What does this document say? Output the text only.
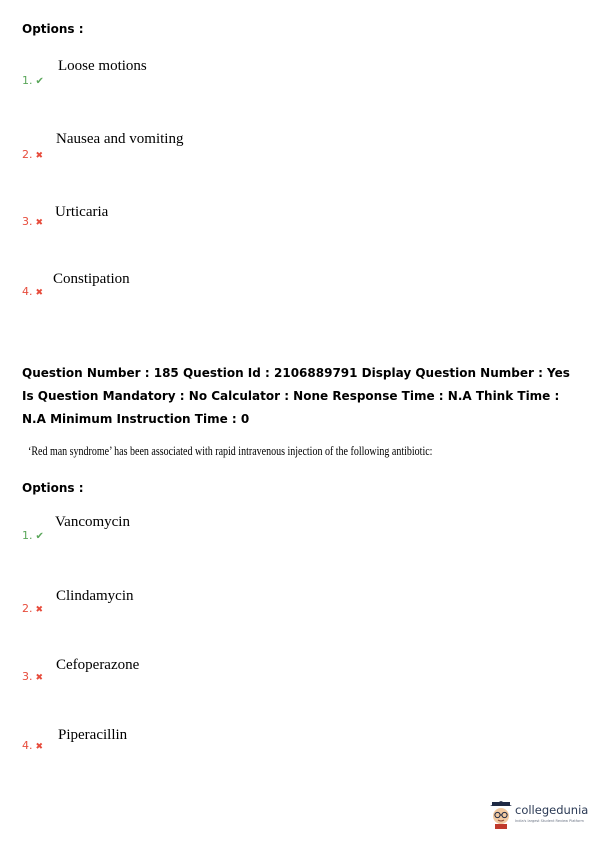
Options :
1. ✔
Loose motions
2. ✖
Nausea and vomiting
3. ✖
Urticaria
4. ✖
Constipation
Question Number : 185 Question Id : 2106889791 Display Question Number : Yes Is Question Mandatory : No Calculator : None Response Time : N.A Think Time : N.A Minimum Instruction Time : 0
‘Red man syndrome’ has been associated with rapid intravenous injection of the following antibiotic:
Options :
1. ✔
Vancomycin
2. ✖
Clindamycin
3. ✖
Cefoperazone
4. ✖
Piperacillin
collegedunia
India's largest Student Review Platform
